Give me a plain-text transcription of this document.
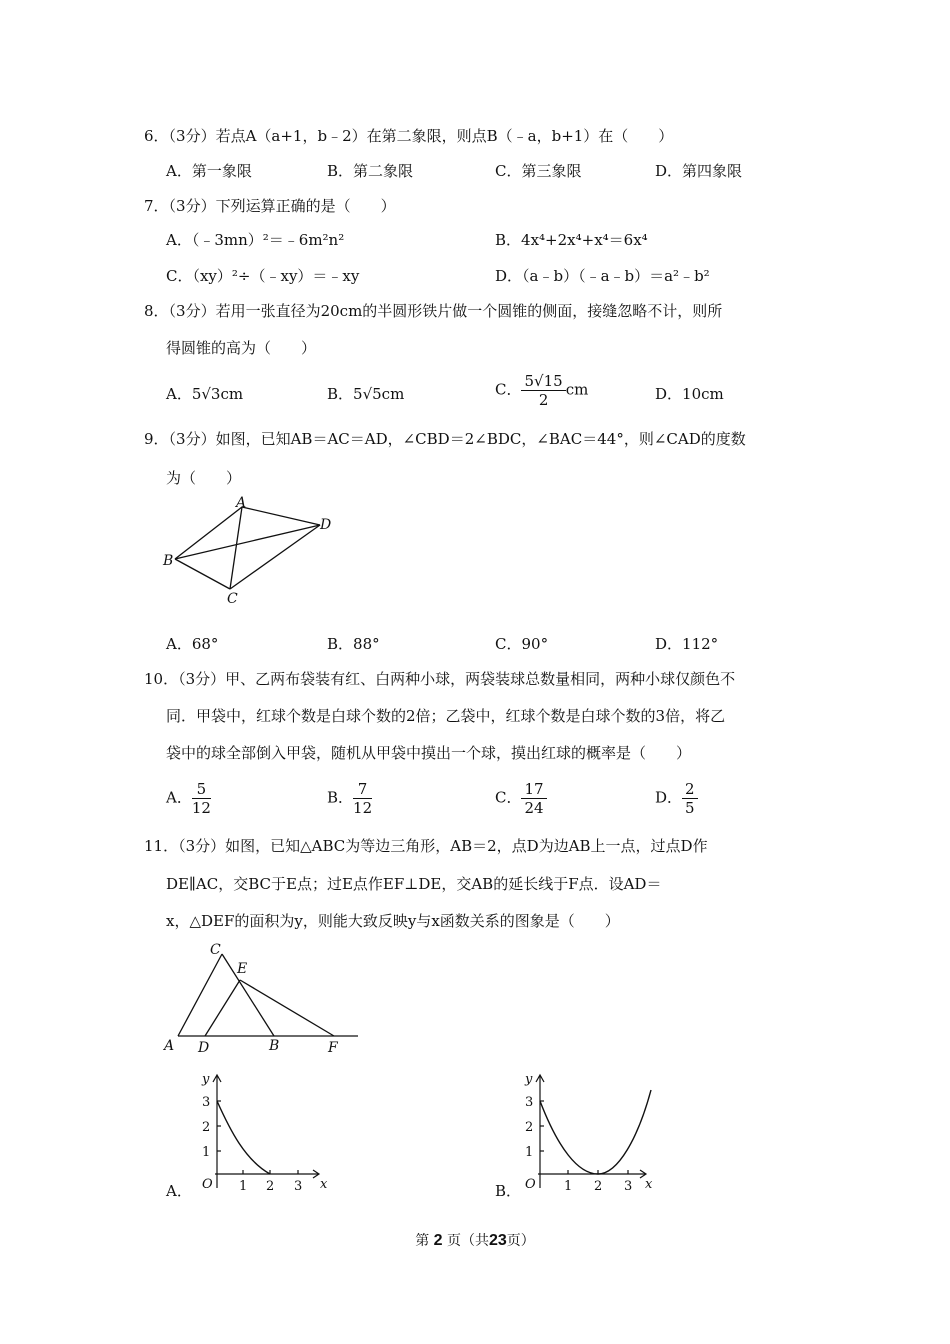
6．（3分）若点A（a+1，b﹣2）在第二象限，则点B（﹣a，b+1）在（　　）
A．第一象限	B．第二象限	C．第三象限	D．第四象限
7．（3分）下列运算正确的是（　　）
A．（﹣3mn）²＝﹣6m²n²	B．4x⁴+2x⁴+x⁴＝6x⁴
C．（xy）²÷（﹣xy）＝﹣xy	D．（a﹣b）（﹣a﹣b）＝a²﹣b²
8．（3分）若用一张直径为20cm的半圆形铁片做一个圆锥的侧面，接缝忽略不计，则所
得圆锥的高为（　　）
A．5√3cm	B．5√5cm	C． $\frac{5√15}{2}$ cm	D．10cm
9．（3分）如图，已知AB＝AC＝AD，∠CBD＝2∠BDC，∠BAC＝44°，则∠CAD的度数
为（　　）
A
B
C
D
A．68°	B．88°	C．90°	D．112°
10．（3分）甲、乙两布袋装有红、白两种小球，两袋装球总数量相同，两种小球仅颜色不
同．甲袋中，红球个数是白球个数的2倍；乙袋中，红球个数是白球个数的3倍，将乙
袋中的球全部倒入甲袋，随机从甲袋中摸出一个球，摸出红球的概率是（　　）
A． $\frac{5}{12}$	B． $\frac{7}{12}$	C． $\frac{17}{24}$	D． $\frac{2}{5}$
11．（3分）如图，已知△ABC为等边三角形，AB＝2，点D为边AB上一点，过点D作
DE∥AC，交BC于E点；过E点作EF⊥DE，交AB的延长线于F点．设AD＝
x，△DEF的面积为y，则能大致反映y与x函数关系的图象是（　　）
C
E
A D	B	F
y
x
O 1 2 3
1
2
3
A．
y
x
O 1 2 3
1
2
3
B．
第 2 页（共23页）
